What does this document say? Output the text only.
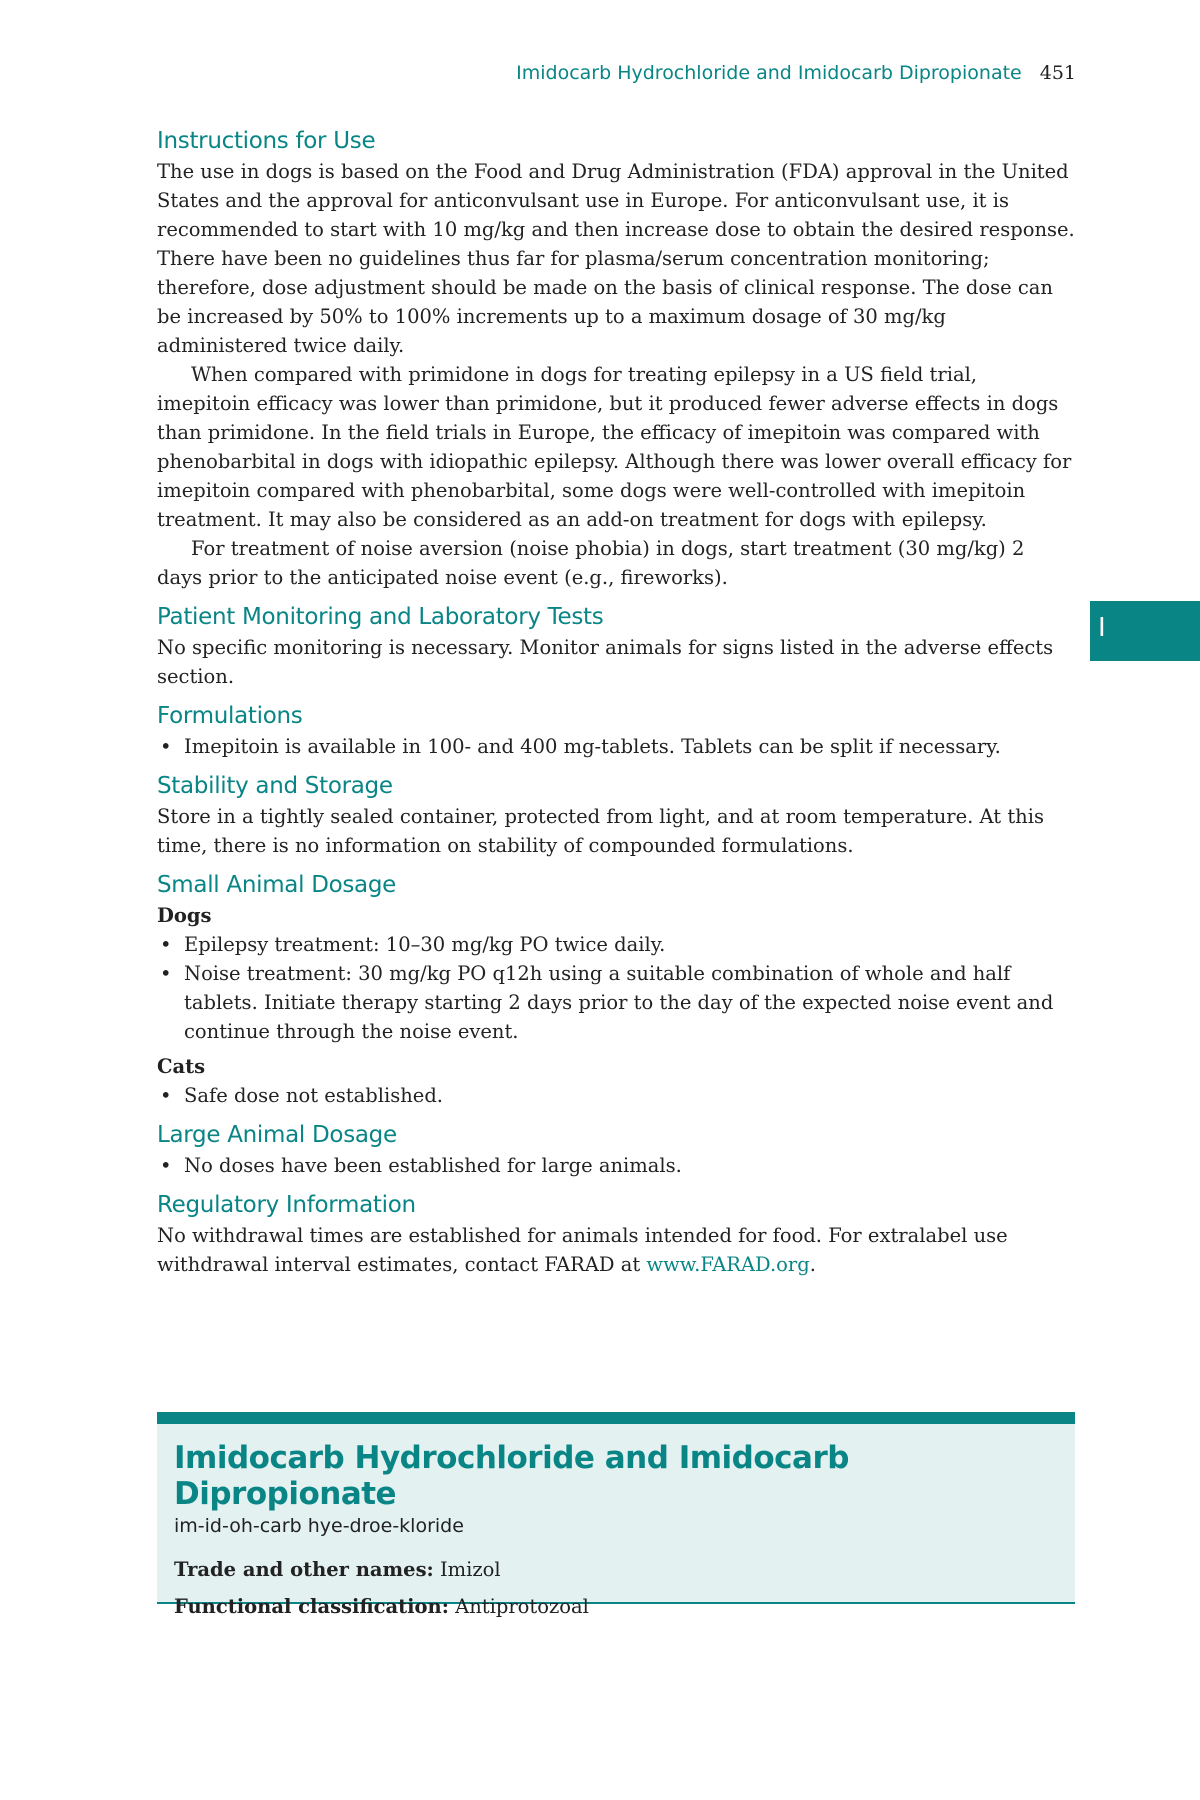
Imidocarb Hydrochloride and Imidocarb Dipropionate 451
I
Instructions for Use

The use in dogs is based on the Food and Drug Administration (FDA) approval in the United States and the approval for anticonvulsant use in Europe. For anticonvulsant use, it is recommended to start with 10 mg/kg and then increase dose to obtain the desired response. There have been no guidelines thus far for plasma/serum concentration monitoring; therefore, dose adjustment should be made on the basis of clinical response. The dose can be increased by 50% to 100% increments up to a maximum dosage of 30 mg/kg administered twice daily.

When compared with primidone in dogs for treating epilepsy in a US field trial, imepitoin efficacy was lower than primidone, but it produced fewer adverse effects in dogs than primidone. In the field trials in Europe, the efficacy of imepitoin was compared with phenobarbital in dogs with idiopathic epilepsy. Although there was lower overall efficacy for imepitoin compared with phenobarbital, some dogs were well-controlled with imepitoin treatment. It may also be considered as an add-on treatment for dogs with epilepsy.

For treatment of noise aversion (noise phobia) in dogs, start treatment (30 mg/kg) 2 days prior to the anticipated noise event (e.g., fireworks).

Patient Monitoring and Laboratory Tests

No specific monitoring is necessary. Monitor animals for signs listed in the adverse effects section.

Formulations
• Imepitoin is available in 100- and 400 mg-tablets. Tablets can be split if necessary.
Stability and Storage

Store in a tightly sealed container, protected from light, and at room temperature. At this time, there is no information on stability of compounded formulations.

Small Animal Dosage
Dogs
• Epilepsy treatment: 10–30 mg/kg PO twice daily.
• Noise treatment: 30 mg/kg PO q12h using a suitable combination of whole and half tablets. Initiate therapy starting 2 days prior to the day of the expected noise event and continue through the noise event.
Cats
• Safe dose not established.
Large Animal Dosage
• No doses have been established for large animals.
Regulatory Information

No withdrawal times are established for animals intended for food. For extralabel use withdrawal interval estimates, contact FARAD at www.FARAD.org.

Imidocarb Hydrochloride and Imidocarb Dipropionate

im-id-oh-carb hye-droe-kloride

Trade and other names: Imizol
Functional classification: Antiprotozoal
